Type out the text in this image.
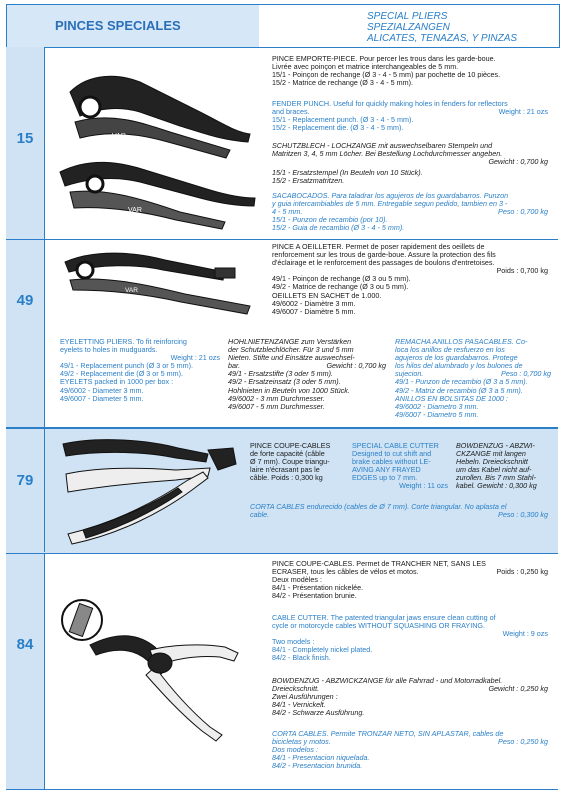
PINCES SPECIALES
SPECIAL PLIERS
SPEZIALZANGEN
ALICATES, TENAZAS, Y PINZAS
15	VAR
VAR
PINCE EMPORTE-PIECE. Pour percer les trous dans les garde-boue.
Livrée avec poinçon et matrice interchangeables de 5 mm.
15/1 - Poinçon de rechange (Ø 3 - 4 - 5 mm) par pochette de 10 pièces.
15/2 - Matrice de rechange (Ø 3 - 4 - 5 mm).
FENDER PUNCH. Useful for quickly making holes in fenders for reflectors
and braces.	Weight : 21 ozs
15/1 - Replacement punch. (Ø 3 - 4 - 5 mm).
15/2 - Replacement die. (Ø 3 - 4 - 5 mm).
SCHUTZBLECH - LOCHZANGE mit auswechselbaren Stempeln und
Matritzen 3, 4, 5 mm Löcher. Bei Bestellung Lochdurchmesser angeben.
Gewicht : 0,700 kg
15/1 - Ersatzstempel (In Beuteln von 10 Stück).
15/2 - Ersatzmatritzen.
SACABOCADOS. Para taladrar los agujeros de los guardabarros. Punzon
y guia intercambiables de 5 mm. Entregable segun pedido, tambien en 3 -
4 - 5 mm.	Peso : 0,700 kg
15/1 - Punzon de recambio (por 10).
15/2 - Guia de recambio (Ø 3 - 4 - 5 mm).
49
VAR
PINCE A OEILLETER. Permet de poser rapidement des oeillets de
renforcement sur les trous de garde-boue. Assure la protection des fils
d'éclairage et le renforcement des passages de boulons d'entretoises.
Poids : 0,700 kg
49/1 - Poinçon de rechange (Ø 3 ou 5 mm).
49/2 - Matrice de rechange (Ø 3 ou 5 mm).
OEILLETS EN SACHET de 1.000.
49/6002 - Diamètre 3 mm.
49/6007 - Diamètre 5 mm.
EYELETTING PLIERS. To fit reinforcing
eyelets to holes in mudguards.
Weight : 21 ozs
49/1 - Replacement punch (Ø 3 or 5 mm).
49/2 - Replacement die (Ø 3 or 5 mm).
EYELETS packed in 1000 per box :
49/6002 - Diameter 3 mm.
49/6007 - Diameter 5 mm.
HOHLNIETENZANGE zum Verstärken
der Schutzblechlöcher. Für 3 und 5 mm
Nieten. Stifte und Einsätze auswechsel-
bar.	Gewicht : 0,700 kg
49/1 - Ersatzstifte (3 oder 5 mm).
49/2 - Ersatzeinsatz (3 oder 5 mm).
Hohlnieten in Beuteln von 1000 Stück.
49/6002 - 3 mm Durchmesser.
49/6007 - 5 mm Durchmesser.
REMACHA ANILLOS PASACABLES. Co-
loca los anillos de resfuerzo en los
agujeros de los guardabarros. Protege
los hilos del alumbrado y los bulones de
sujecion.	Peso : 0,700 kg
49/1 - Punzon de recambio (Ø 3 a 5 mm).
49/2 - Matriz de recambio (Ø 3 a 5 mm).
ANILLOS EN BOLSITAS DE 1000 :
49/6002 - Diametro 3 mm.
49/6007 - Diametro 5 mm.
79
PINCE COUPE-CABLES
de forte capacité (câble
Ø 7 mm). Coupe triangu-
laire n'écrasant pas le
câble. Poids : 0,300 kg
SPECIAL CABLE CUTTER
Designed to cut shift and
brake cables without LE-
AVING ANY FRAYED
EDGES up to 7 mm.
Weight : 11 ozs
BOWDENZUG - ABZWI-
CKZANGE mit langen
Hebeln. Dreieckschnitt
um das Kabel nicht auf-
zurollen. Bis 7 mm Stahl-
kabel. Gewicht : 0,300 kg
CORTA CABLES endurecido (cables de Ø 7 mm). Corte triangular. No aplasta el
cable.	Peso : 0,300 kg
84
PINCE COUPE-CABLES. Permet de TRANCHER NET, SANS LES
ECRASER, tous les câbles de vélos et motos.	Poids : 0,250 kg
Deux modèles :
84/1 - Présentation nickelée.
84/2 - Présentation brunie.
CABLE CUTTER. The patented triangular jaws ensure clean cutting of
cycle or motorcycle cables WITHOUT SQUASHING OR FRAYING.
Weight : 9 ozs
Two models :
84/1 - Completely nickel plated.
84/2 - Black finish.
BOWDENZUG - ABZWICKZANGE für alle Fahrrad - und Motorradkabel.
Dreieckschnitt.	Gewicht : 0,250 kg
Zwei Ausführungen :
84/1 - Vernickelt.
84/2 - Schwarze Ausführung.
CORTA CABLES. Permite TRONZAR NETO, SIN APLASTAR, cables de
bicicletas y motos.	Peso : 0,250 kg
Dos modelos :
84/1 - Presentacion niquelada.
84/2 - Presentacion brunida.
